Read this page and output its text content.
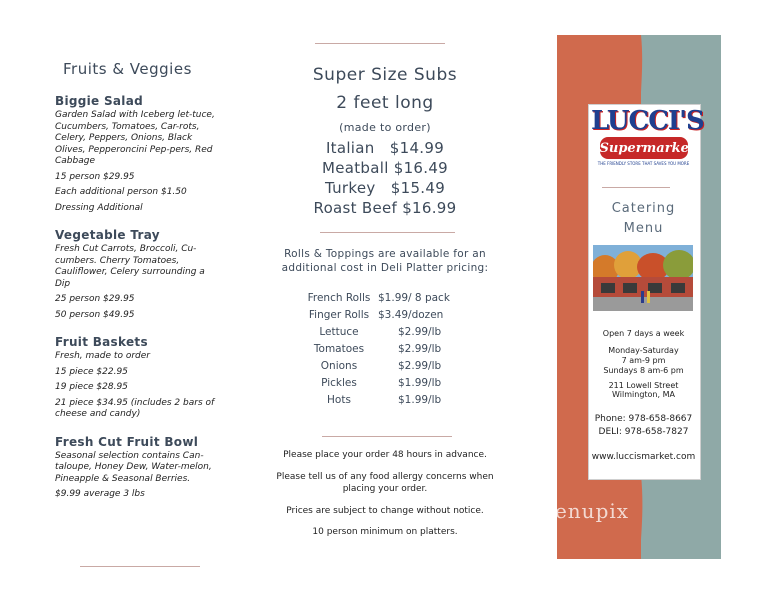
Fruits & Veggies
Biggie Salad
Garden Salad with Iceberg let-tuce, Cucumbers, Tomatoes, Car-rots, Celery, Peppers, Onions, Black Olives, Pepperoncini Pep-pers, Red Cabbage
15 person $29.95
Each additional person $1.50
Dressing Additional
Vegetable Tray
Fresh Cut Carrots, Broccoli, Cu-cumbers. Cherry Tomatoes, Cauliflower, Celery surrounding a Dip
25 person $29.95
50 person $49.95
Fruit Baskets
Fresh, made to order
15 piece $22.95
19 piece $28.95
21 piece $34.95 (includes 2 bars of cheese and candy)
Fresh Cut Fruit Bowl
Seasonal selection contains Can-taloupe, Honey Dew, Water-melon, Pineapple & Seasonal Berries.
$9.99 average 3 lbs
Super Size Subs
2 feet long
(made to order)
Italian   $14.99
Meatball $16.49
Turkey   $15.49
Roast Beef $16.99
Rolls & Toppings are available for an additional cost in Deli Platter pricing:
French Rolls $1.99/ 8 pack
Finger Rolls $3.49/dozen
Lettuce	$2.99/lb
Tomatoes	$2.99/lb
Onions	$2.99/lb
Pickles	$1.99/lb
Hots	$1.99/lb
Please place your order 48 hours in advance.
Please tell us of any food allergy concerns when placing your order.
Prices are subject to change without notice.
10 person minimum on platters.
LUCCI'S
Supermarket
THE FRIENDLY STORE THAT SAVES YOU MORE
Catering
Menu
Open 7 days a week
Monday-Saturday
7 am-9 pm
Sundays 8 am-6 pm
211 Lowell Street
Wilmington, MA
Phone: 978-658-8667
DELI: 978-658-7827
www.luccismarket.com
menupix
